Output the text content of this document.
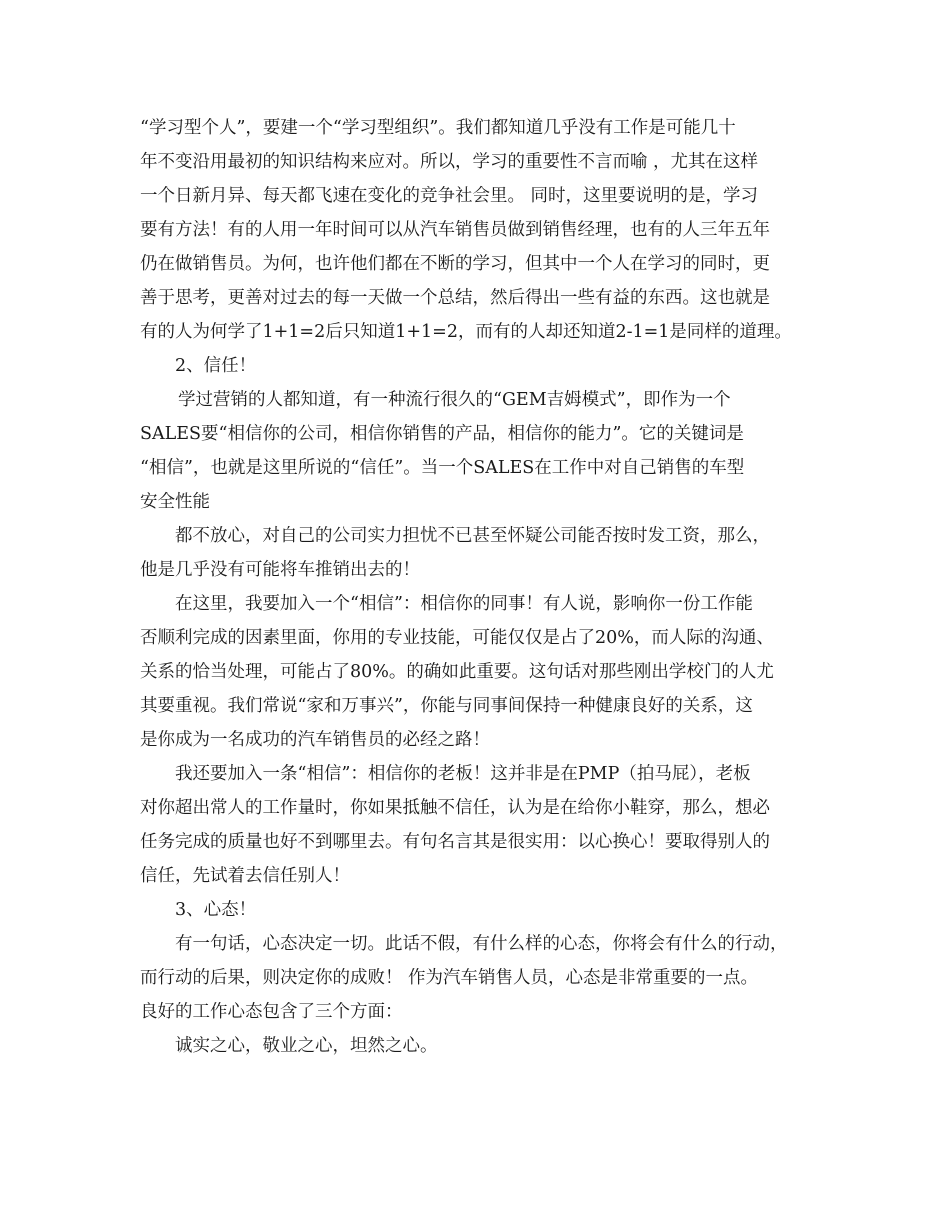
“学习型个人”，要建一个“学习型组织”。我们都知道几乎没有工作是可能几十
年不变沿用最初的知识结构来应对。所以，学习的重要性不言而喻 ，尤其在这样
一个日新月异、每天都飞速在变化的竞争社会里。 同时，这里要说明的是，学习
要有方法！有的人用一年时间可以从汽车销售员做到销售经理，也有的人三年五年
仍在做销售员。为何，也许他们都在不断的学习，但其中一个人在学习的同时，更
善于思考，更善对过去的每一天做一个总结，然后得出一些有益的东西。这也就是
有的人为何学了1+1=2后只知道1+1=2，而有的人却还知道2-1=1是同样的道理。
2、信任！
学过营销的人都知道，有一种流行很久的“GEM吉姆模式”，即作为一个
SALES要“相信你的公司，相信你销售的产品，相信你的能力”。它的关键词是
“相信”，也就是这里所说的“信任”。当一个SALES在工作中对自己销售的车型
安全性能
都不放心，对自己的公司实力担忧不已甚至怀疑公司能否按时发工资，那么，
他是几乎没有可能将车推销出去的！
在这里，我要加入一个“相信”：相信你的同事！有人说，影响你一份工作能
否顺利完成的因素里面，你用的专业技能，可能仅仅是占了20%，而人际的沟通、
关系的恰当处理，可能占了80%。的确如此重要。这句话对那些刚出学校门的人尤
其要重视。我们常说“家和万事兴”，你能与同事间保持一种健康良好的关系，这
是你成为一名成功的汽车销售员的必经之路！
我还要加入一条“相信”：相信你的老板！这并非是在PMP（拍马屁），老板
对你超出常人的工作量时，你如果抵触不信任，认为是在给你小鞋穿，那么，想必
任务完成的质量也好不到哪里去。有句名言其是很实用：以心换心！要取得别人的
信任，先试着去信任别人！
3、心态！
有一句话，心态决定一切。此话不假，有什么样的心态，你将会有什么的行动，
而行动的后果，则决定你的成败！ 作为汽车销售人员，心态是非常重要的一点。
良好的工作心态包含了三个方面：
诚实之心，敬业之心，坦然之心。
